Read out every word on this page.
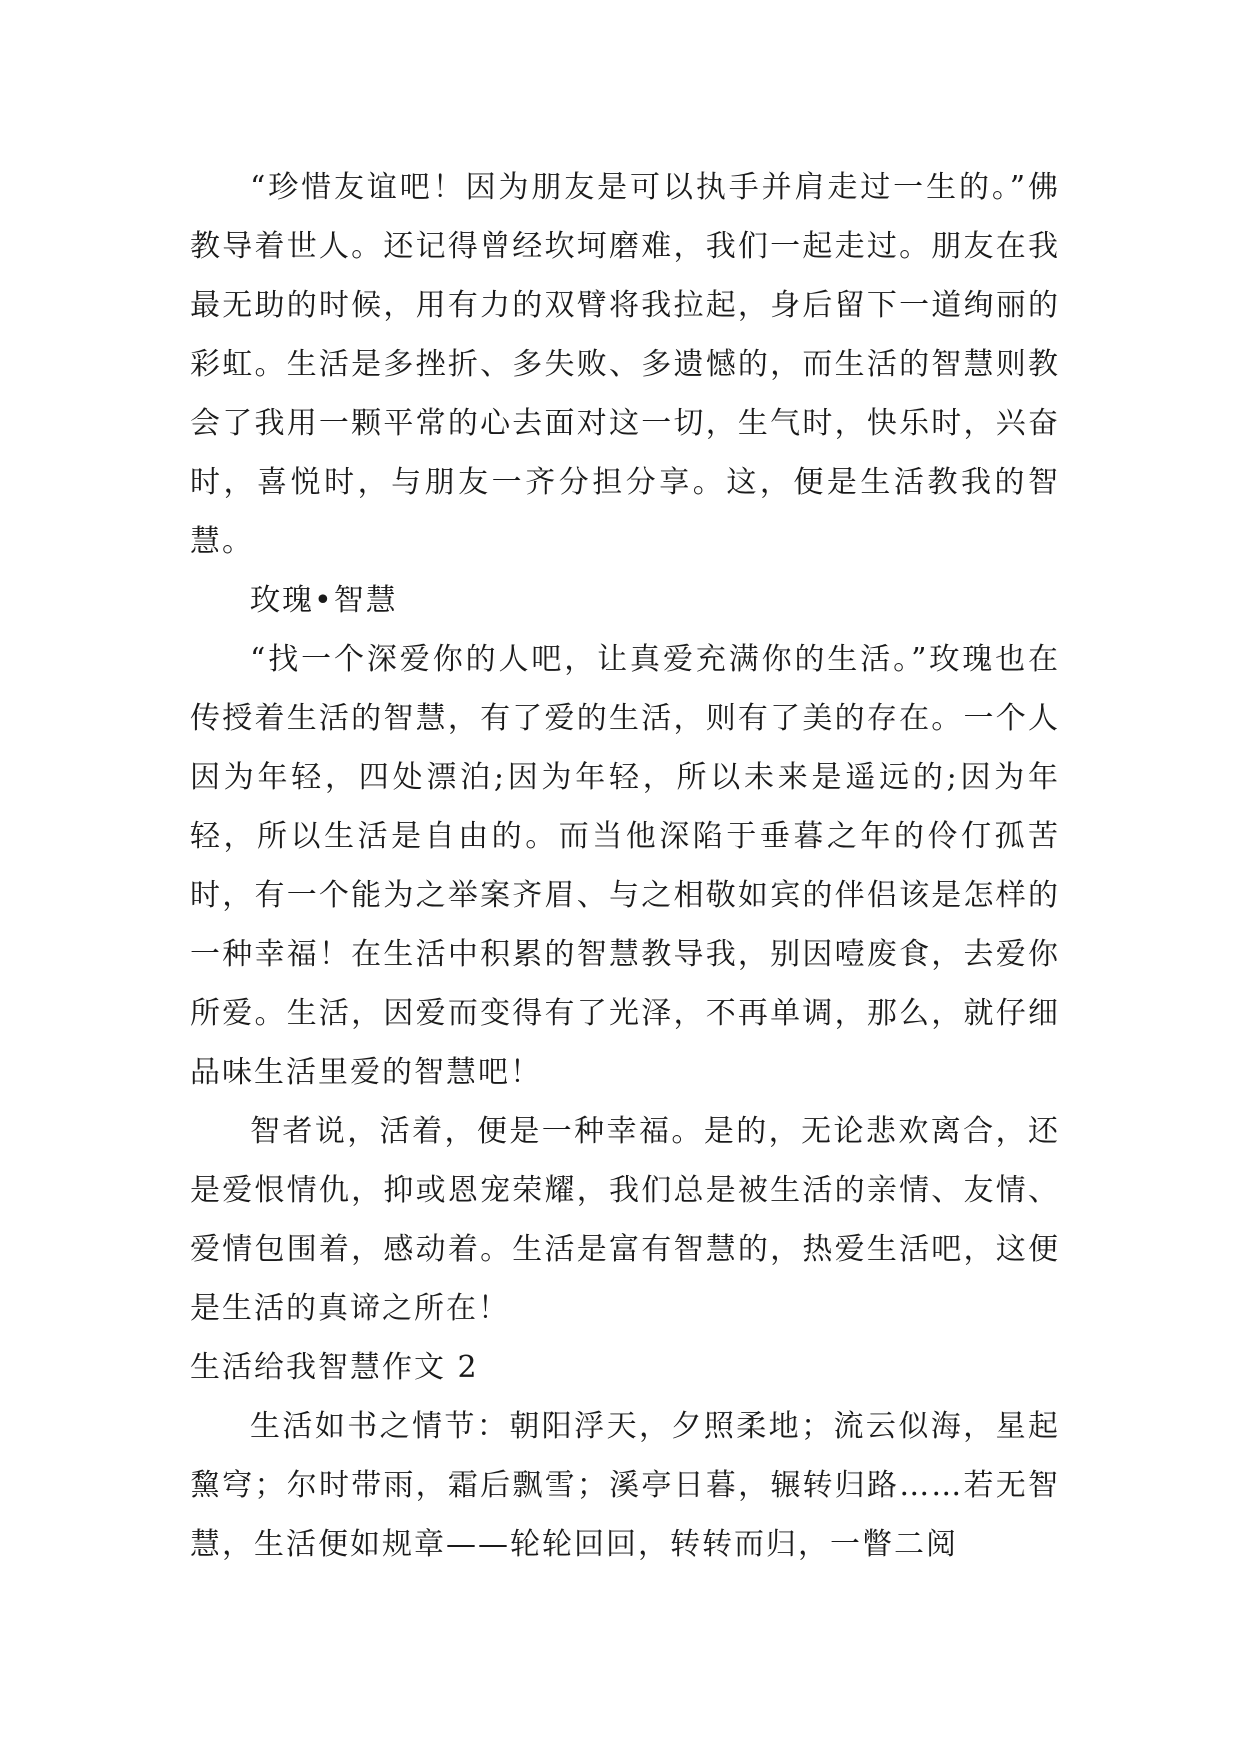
“珍惜友谊吧！因为朋友是可以执手并肩走过一生的。”佛教导着世人。还记得曾经坎坷磨难，我们一起走过。朋友在我最无助的时候，用有力的双臂将我拉起，身后留下一道绚丽的彩虹。生活是多挫折、多失败、多遗憾的，而生活的智慧则教会了我用一颗平常的心去面对这一切，生气时，快乐时，兴奋时，喜悦时，与朋友一齐分担分享。这，便是生活教我的智慧。

玫瑰•智慧

“找一个深爱你的人吧，让真爱充满你的生活。”玫瑰也在传授着生活的智慧，有了爱的生活，则有了美的存在。一个人因为年轻，四处漂泊;因为年轻，所以未来是遥远的;因为年轻，所以生活是自由的。而当他深陷于垂暮之年的伶仃孤苦时，有一个能为之举案齐眉、与之相敬如宾的伴侣该是怎样的一种幸福！在生活中积累的智慧教导我，别因噎废食，去爱你所爱。生活，因爱而变得有了光泽，不再单调，那么，就仔细品味生活里爱的智慧吧！

智者说，活着，便是一种幸福。是的，无论悲欢离合，还是爱恨情仇，抑或恩宠荣耀，我们总是被生活的亲情、友情、爱情包围着，感动着。生活是富有智慧的，热爱生活吧，这便是生活的真谛之所在！

生活给我智慧作文 2

生活如书之情节：朝阳浮天，夕照柔地；流云似海，星起黧穹；尔时带雨，霜后飘雪；溪亭日暮，辗转归路……若无智慧，生活便如规章——轮轮回回，转转而归，一瞥二阅
